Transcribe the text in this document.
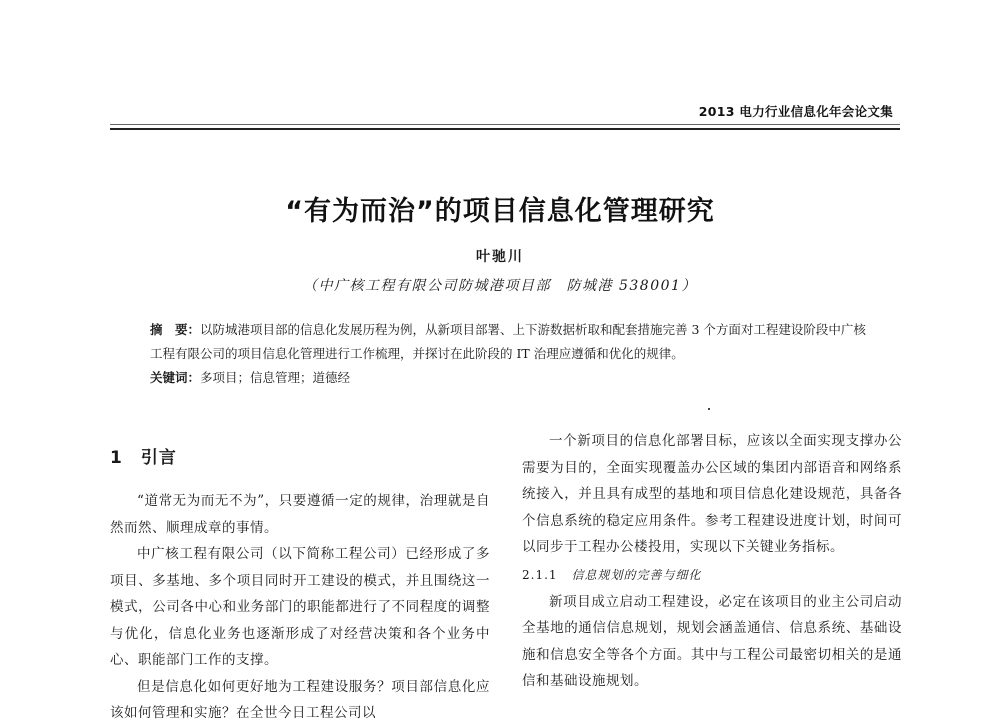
2013 电力行业信息化年会论文集
“有为而治”的项目信息化管理研究
叶驰川
（中广核工程有限公司防城港项目部　防城港 538001）

摘　要：以防城港项目部的信息化发展历程为例，从新项目部署、上下游数据析取和配套措施完善 3 个方面对工程建设阶段中广核工程有限公司的项目信息化管理进行工作梳理，并探讨在此阶段的 IT 治理应遵循和优化的规律。

关键词：多项目；信息管理；道德经

1 引言

“道常无为而无不为”，只要遵循一定的规律，治理就是自然而然、顺理成章的事情。

中广核工程有限公司（以下简称工程公司）已经形成了多项目、多基地、多个项目同时开工建设的模式，并且围绕这一模式，公司各中心和业务部门的职能都进行了不同程度的调整与优化，信息化业务也逐渐形成了对经营决策和各个业务中心、职能部门工作的支撑。

但是信息化如何更好地为工程建设服务？项目部信息化应该如何管理和实施？在全世今日工程公司以

一个新项目的信息化部署目标，应该以全面实现支撑办公需要为目的，全面实现覆盖办公区域的集团内部语音和网络系统接入，并且具有成型的基地和项目信息化建设规范，具备各个信息系统的稳定应用条件。参考工程建设进度计划，时间可以同步于工程办公楼投用，实现以下关键业务指标。

2.1.1 信息规划的完善与细化

新项目成立启动工程建设，必定在该项目的业主公司启动全基地的通信信息规划，规划会涵盖通信、信息系统、基础设施和信息安全等各个方面。其中与工程公司最密切相关的是通信和基础设施规划。
